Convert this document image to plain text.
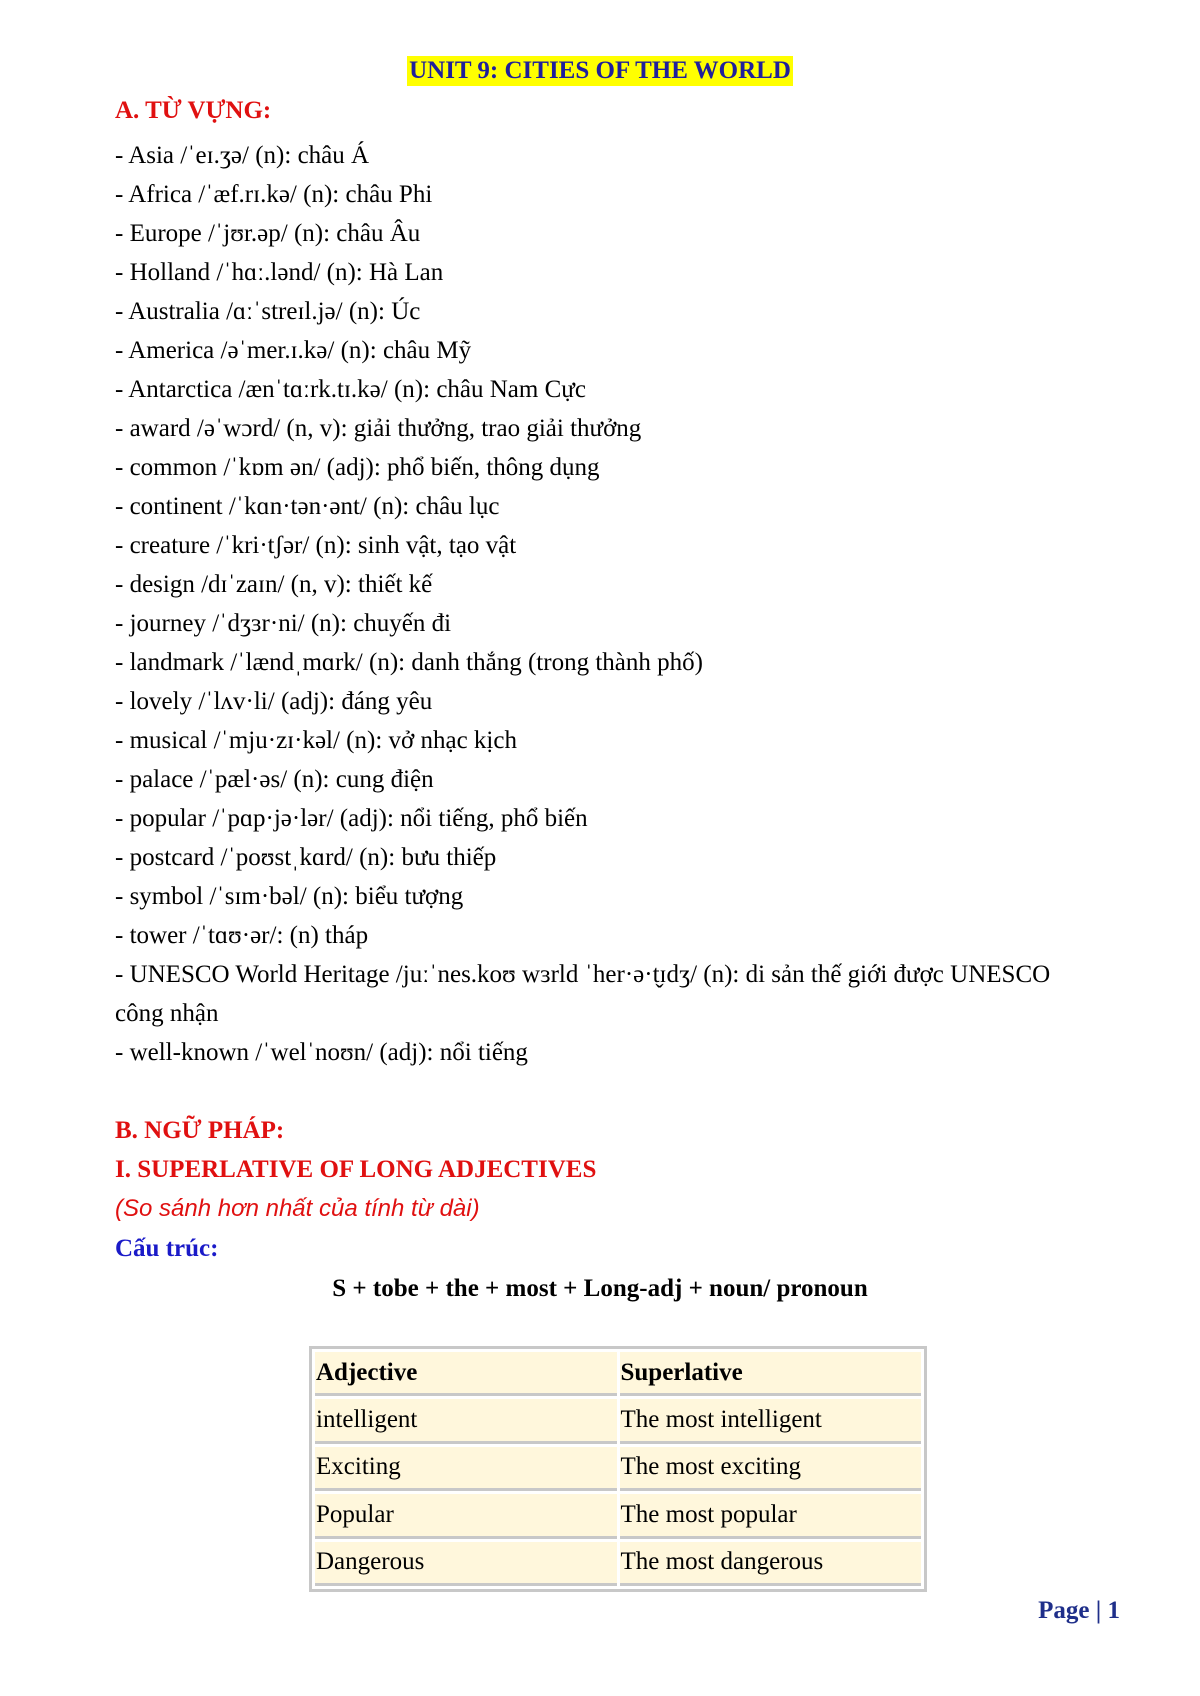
UNIT 9: CITIES OF THE WORLD
A. TỪ VỰNG:
- Asia /ˈeɪ.ʒə/ (n): châu Á
- Africa /ˈæf.rɪ.kə/ (n): châu Phi
- Europe /ˈjʊr.əp/ (n): châu Âu
- Holland /ˈhɑː.lənd/ (n): Hà Lan
- Australia /ɑːˈstreɪl.jə/ (n): Úc
- America /əˈmer.ɪ.kə/ (n): châu Mỹ
- Antarctica /ænˈtɑːrk.tɪ.kə/ (n): châu Nam Cực
- award /əˈwɔrd/ (n, v): giải thưởng, trao giải thưởng
- common /ˈkɒm ən/ (adj): phổ biến, thông dụng
- continent /ˈkɑn·tən·ənt/ (n): châu lục
- creature /ˈkri·tʃər/ (n): sinh vật, tạo vật
- design /dɪˈzaɪn/ (n, v): thiết kế
- journey /ˈdʒɜr·ni/ (n): chuyến đi
- landmark /ˈlændˌmɑrk/ (n): danh thắng (trong thành phố)
- lovely /ˈlʌv·li/ (adj): đáng yêu
- musical /ˈmju·zɪ·kəl/ (n): vở nhạc kịch
- palace /ˈpæl·əs/ (n): cung điện
- popular /ˈpɑp·jə·lər/ (adj): nổi tiếng, phổ biến
- postcard /ˈpoʊstˌkɑrd/ (n): bưu thiếp
- symbol /ˈsɪm·bəl/ (n): biểu tượng
- tower /ˈtɑʊ·ər/: (n) tháp
- UNESCO World Heritage /juːˈnes.koʊ wɜrld ˈher·ə·t̬ɪdʒ/ (n): di sản thế giới được UNESCO công nhận
- well-known /ˈwelˈnoʊn/ (adj): nổi tiếng
B. NGỮ PHÁP:
I. SUPERLATIVE OF LONG ADJECTIVES
(So sánh hơn nhất của tính từ dài)
Cấu trúc:
S + tobe + the + most + Long-adj + noun/ pronoun
Adjective	Superlative
intelligent	The most intelligent
Exciting	The most exciting
Popular	The most popular
Dangerous	The most dangerous
Page | 1
